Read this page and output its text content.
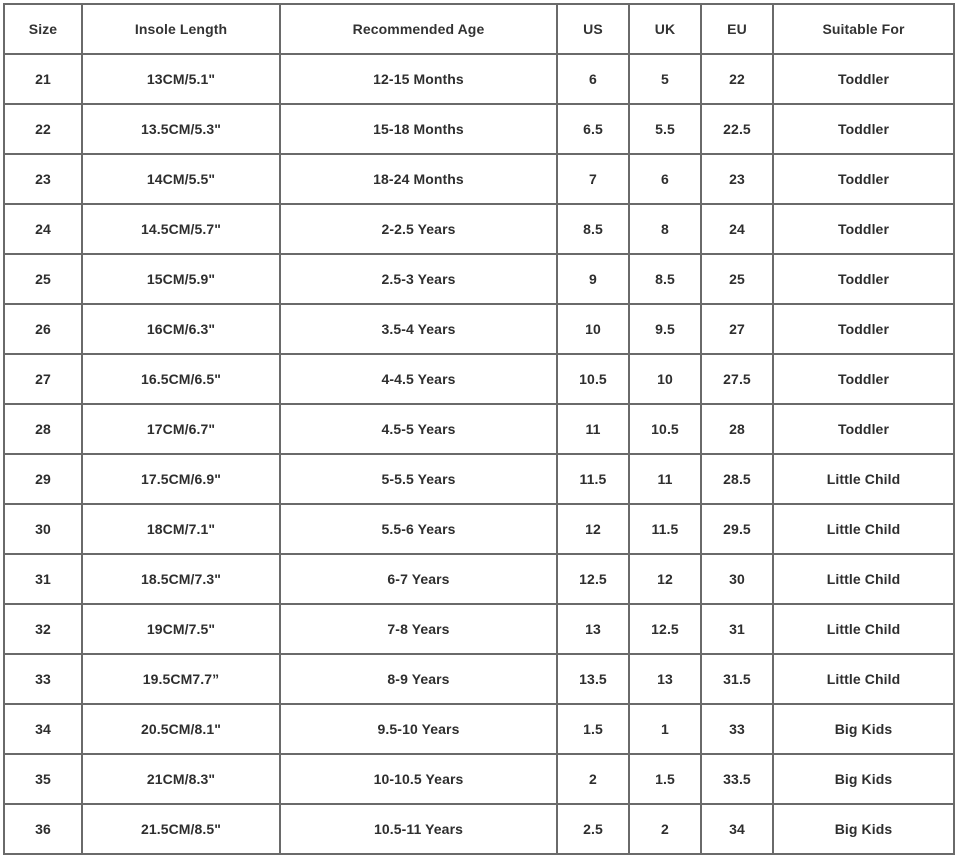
Size	Insole Length	Recommended Age	US	UK	EU	Suitable For
21	13CM/5.1"	12-15 Months	6	5	22	Toddler
22	13.5CM/5.3"	15-18 Months	6.5	5.5	22.5	Toddler
23	14CM/5.5"	18-24 Months	7	6	23	Toddler
24	14.5CM/5.7"	2-2.5 Years	8.5	8	24	Toddler
25	15CM/5.9"	2.5-3 Years	9	8.5	25	Toddler
26	16CM/6.3"	3.5-4 Years	10	9.5	27	Toddler
27	16.5CM/6.5"	4-4.5 Years	10.5	10	27.5	Toddler
28	17CM/6.7"	4.5-5 Years	11	10.5	28	Toddler
29	17.5CM/6.9"	5-5.5 Years	11.5	11	28.5	Little Child
30	18CM/7.1"	5.5-6 Years	12	11.5	29.5	Little Child
31	18.5CM/7.3"	6-7 Years	12.5	12	30	Little Child
32	19CM/7.5"	7-8 Years	13	12.5	31	Little Child
33	19.5CM7.7”	8-9 Years	13.5	13	31.5	Little Child
34	20.5CM/8.1"	9.5-10 Years	1.5	1	33	Big Kids
35	21CM/8.3"	10-10.5 Years	2	1.5	33.5	Big Kids
36	21.5CM/8.5"	10.5-11 Years	2.5	2	34	Big Kids
